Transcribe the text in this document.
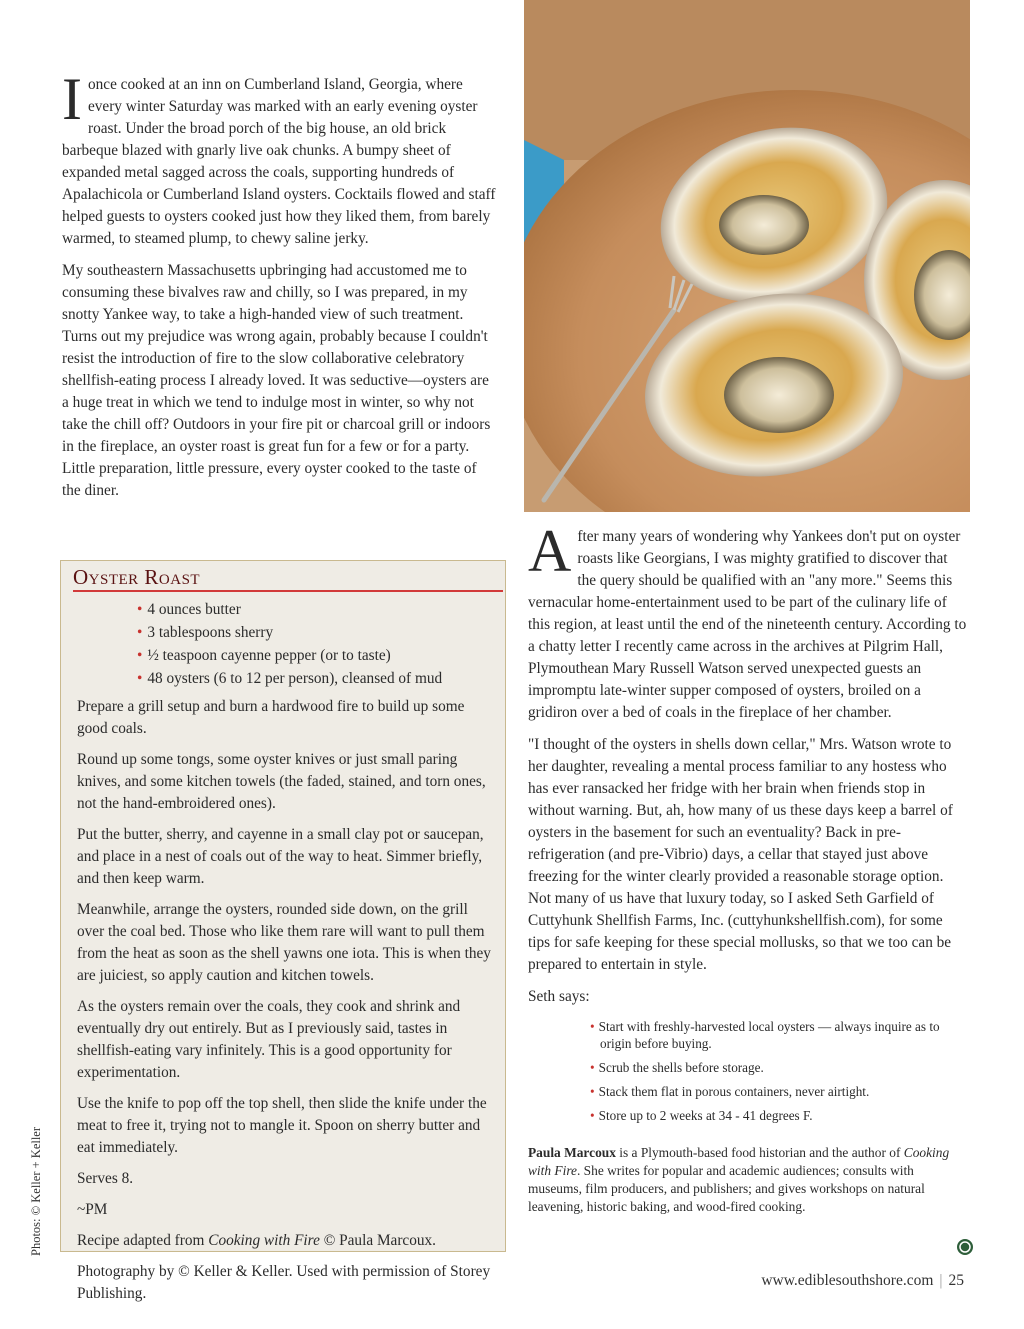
Ionce cooked at an inn on Cumberland Island, Georgia, where every winter Saturday was marked with an early evening oyster roast. Under the broad porch of the big house, an old brick barbeque blazed with gnarly live oak chunks. A bumpy sheet of expanded metal sagged across the coals, supporting hundreds of Apalachicola or Cumberland Island oysters. Cocktails flowed and staff helped guests to oysters cooked just how they liked them, from barely warmed, to steamed plump, to chewy saline jerky.

My southeastern Massachusetts upbringing had accustomed me to consuming these bivalves raw and chilly, so I was prepared, in my snotty Yankee way, to take a high-handed view of such treatment. Turns out my prejudice was wrong again, probably because I couldn't resist the introduction of fire to the slow collaborative celebratory shellfish-eating process I already loved. It was seductive—oysters are a huge treat in which we tend to indulge most in winter, so why not take the chill off? Outdoors in your fire pit or charcoal grill or indoors in the fireplace, an oyster roast is great fun for a few or for a party. Little preparation, little pressure, every oyster cooked to the taste of the diner.

Oyster Roast
• 4 ounces butter
• 3 tablespoons sherry
• ½ teaspoon cayenne pepper (or to taste)
• 48 oysters (6 to 12 per person), cleansed of mud

Prepare a grill setup and burn a hardwood fire to build up some good coals.

Round up some tongs, some oyster knives or just small paring knives, and some kitchen towels (the faded, stained, and torn ones, not the hand-embroidered ones).

Put the butter, sherry, and cayenne in a small clay pot or saucepan, and place in a nest of coals out of the way to heat. Simmer briefly, and then keep warm.

Meanwhile, arrange the oysters, rounded side down, on the grill over the coal bed. Those who like them rare will want to pull them from the heat as soon as the shell yawns one iota. This is when they are juiciest, so apply caution and kitchen towels.

As the oysters remain over the coals, they cook and shrink and eventually dry out entirely. But as I previously said, tastes in shellfish-eating vary infinitely. This is a good opportunity for experimentation.

Use the knife to pop off the top shell, then slide the knife under the meat to free it, trying not to mangle it. Spoon on sherry butter and eat immediately.

Serves 8.

~PM

Recipe adapted from Cooking with Fire © Paula Marcoux.

Photography by © Keller & Keller. Used with permission of Storey Publishing.

After many years of wondering why Yankees don't put on oyster roasts like Georgians, I was mighty gratified to discover that the query should be qualified with an "any more." Seems this vernacular home-entertainment used to be part of the culinary life of this region, at least until the end of the nineteenth century. According to a chatty letter I recently came across in the archives at Pilgrim Hall, Plymouthean Mary Russell Watson served unexpected guests an impromptu late-winter supper composed of oysters, broiled on a gridiron over a bed of coals in the fireplace of her chamber.

"I thought of the oysters in shells down cellar," Mrs. Watson wrote to her daughter, revealing a mental process familiar to any hostess who has ever ransacked her fridge with her brain when friends stop in without warning. But, ah, how many of us these days keep a barrel of oysters in the basement for such an eventuality? Back in pre-refrigeration (and pre-Vibrio) days, a cellar that stayed just above freezing for the winter clearly provided a reasonable storage option. Not many of us have that luxury today, so I asked Seth Garfield of Cuttyhunk Shellfish Farms, Inc. (cuttyhunkshellfish.com), for some tips for safe keeping for these special mollusks, so that we too can be prepared to entertain in style.

Seth says:

• Start with freshly-harvested local oysters — always inquire as to origin before buying.
• Scrub the shells before storage.
• Stack them flat in porous containers, never airtight.
• Store up to 2 weeks at 34 - 41 degrees F.

Paula Marcoux is a Plymouth-based food historian and the author of Cooking with Fire. She writes for popular and academic audiences; consults with museums, film producers, and publishers; and gives workshops on natural leavening, historic baking, and wood-fired cooking.

Photos: © Keller + Keller
www.ediblesouthshore.com | 25
